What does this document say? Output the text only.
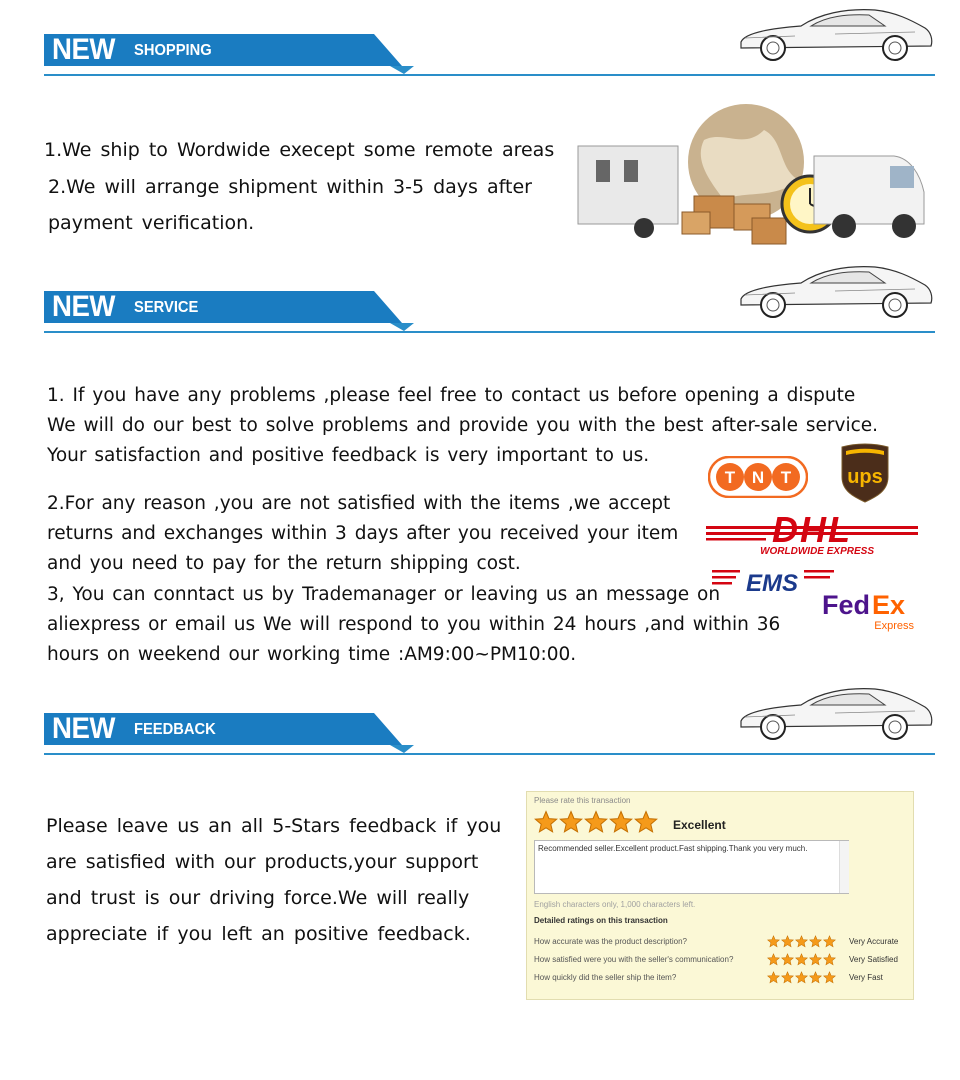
NEW SHOPPING
1.We ship to Wordwide execept some remote areas
2.We will arrange shipment within 3-5 days after
payment verification.
NEW SERVICE
1. If you have any problems ,please feel free to contact us before opening a dispute
We will do our best to solve problems and provide you with the best after-sale service.
Your satisfaction and positive feedback is very important to us.
2.For any reason ,you are not satisfied with the items ,we accept
returns and exchanges within 3 days after you received your item
and you need to pay for the return shipping cost.
3, You can conntact us by Trademanager or leaving us an message on
aliexpress or email us We will respond to you within 24 hours ,and within 36
hours on weekend our working time :AM9:00~PM10:00.
T N T	ups
DHL
WORLDWIDE EXPRESS
EMS
Fed Ex
Express
NEW FEEDBACK
Please leave us an all 5-Stars feedback if you
are satisfied with our products,your support
and trust is our driving force.We will really
appreciate if you left an positive feedback.
Please rate this transaction
Excellent
Recommended seller.Excellent product.Fast shipping.Thank you very much.
English characters only, 1,000 characters left.
Detailed ratings on this transaction
How accurate was the product description?
How satisfied were you with the seller's communication?
How quickly did the seller ship the item?
Very Accurate
Very Satisfied
Very Fast
